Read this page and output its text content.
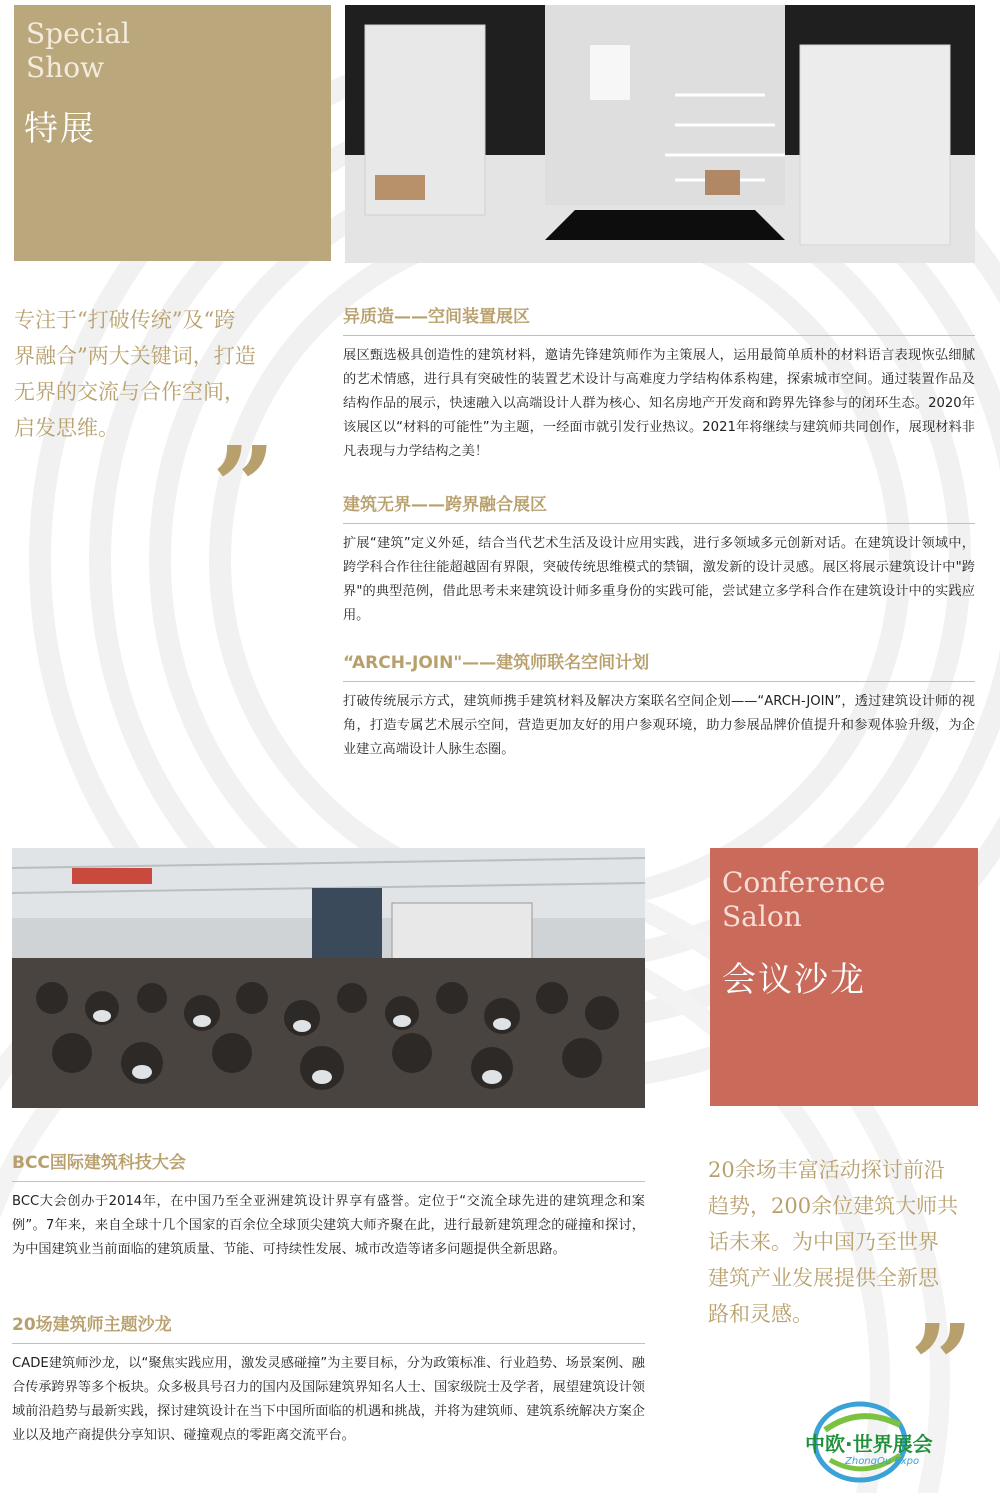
Special
Show
特展
专注于“打破传统”及“跨
界融合”两大关键词，打造
无界的交流与合作空间，
启发思维。 ”
异质造——空间装置展区
展区甄选极具创造性的建筑材料，邀请先锋建筑师作为主策展人，运用最简单质朴的材料语言表现恢弘细腻的艺术情感，进行具有突破性的装置艺术设计与高难度力学结构体系构建，探索城市空间。通过装置作品及结构作品的展示，快速融入以高端设计人群为核心、知名房地产开发商和跨界先锋参与的闭环生态。2020年该展区以“材料的可能性”为主题，一经面市就引发行业热议。2021年将继续与建筑师共同创作，展现材料非凡表现与力学结构之美！
建筑无界——跨界融合展区
扩展“建筑”定义外延，结合当代艺术生活及设计应用实践，进行多领域多元创新对话。在建筑设计领域中，跨学科合作往往能超越固有界限，突破传统思维模式的禁锢，激发新的设计灵感。展区将展示建筑设计中"跨界"的典型范例，借此思考未来建筑设计师多重身份的实践可能，尝试建立多学科合作在建筑设计中的实践应用。
“ARCH-JOIN"——建筑师联名空间计划
打破传统展示方式，建筑师携手建筑材料及解决方案联名空间企划——“ARCH-JOIN”，透过建筑设计师的视角，打造专属艺术展示空间，营造更加友好的用户参观环境，助力参展品牌价值提升和参观体验升级，为企业建立高端设计人脉生态圈。
Conference
Salon
会议沙龙
BCC国际建筑科技大会
BCC大会创办于2014年，在中国乃至全亚洲建筑设计界享有盛誉。定位于“交流全球先进的建筑理念和案例”。7年来，来自全球十几个国家的百余位全球顶尖建筑大师齐聚在此，进行最新建筑理念的碰撞和探讨，为中国建筑业当前面临的建筑质量、节能、可持续性发展、城市改造等诸多问题提供全新思路。
20场建筑师主题沙龙
CADE建筑师沙龙，以“聚焦实践应用，激发灵感碰撞”为主要目标，分为政策标准、行业趋势、场景案例、融合传承跨界等多个板块。众多极具号召力的国内及国际建筑界知名人士、国家级院士及学者，展望建筑设计领域前沿趋势与最新实践，探讨建筑设计在当下中国所面临的机遇和挑战，并将为建筑师、建筑系统解决方案企业以及地产商提供分享知识、碰撞观点的零距离交流平台。
20余场丰富活动探讨前沿
趋势，200余位建筑大师共
话未来。为中国乃至世界
建筑产业发展提供全新思
路和灵感。 ”
中欧·世界展会
ZhongOu Expo
